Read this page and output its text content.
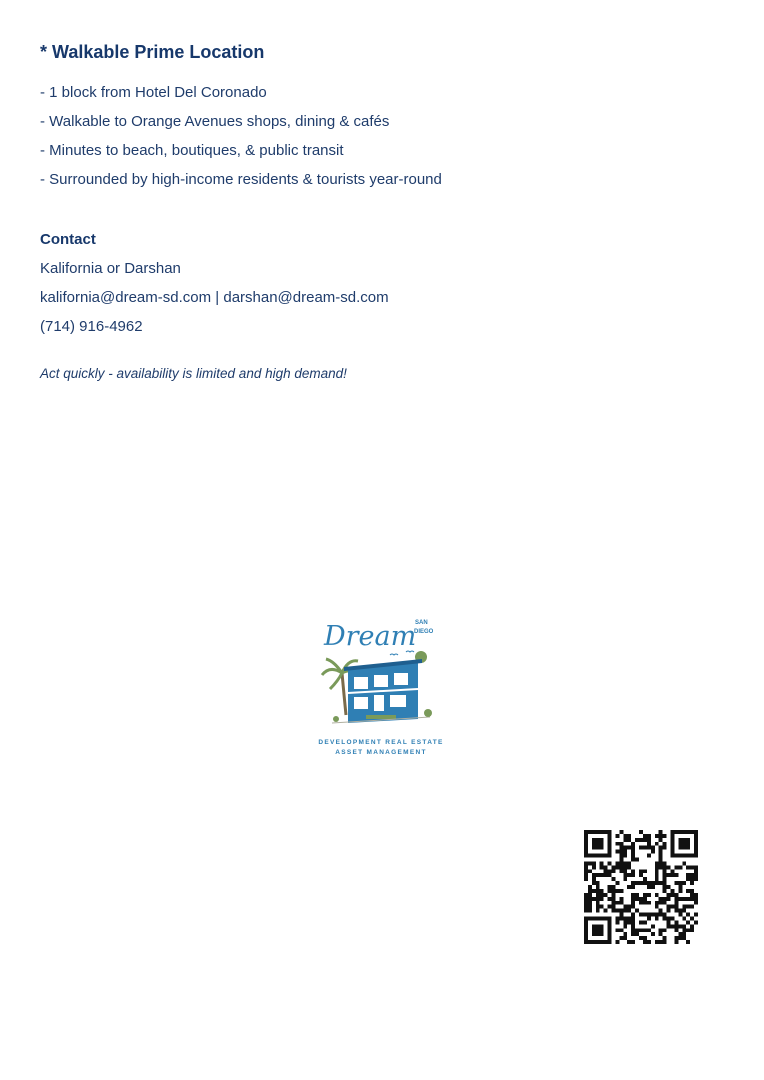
* Walkable Prime Location
- 1 block from Hotel Del Coronado
- Walkable to Orange Avenues shops, dining & cafés
- Minutes to beach, boutiques, & public transit
- Surrounded by high-income residents & tourists year-round
Contact
Kalifornia or Darshan
kalifornia@dream-sd.com | darshan@dream-sd.com
(714) 916-4962
Act quickly - availability is limited and high demand!
Dream
SAN
DIEGO
DEVELOPMENT REAL ESTATE
ASSET MANAGEMENT
